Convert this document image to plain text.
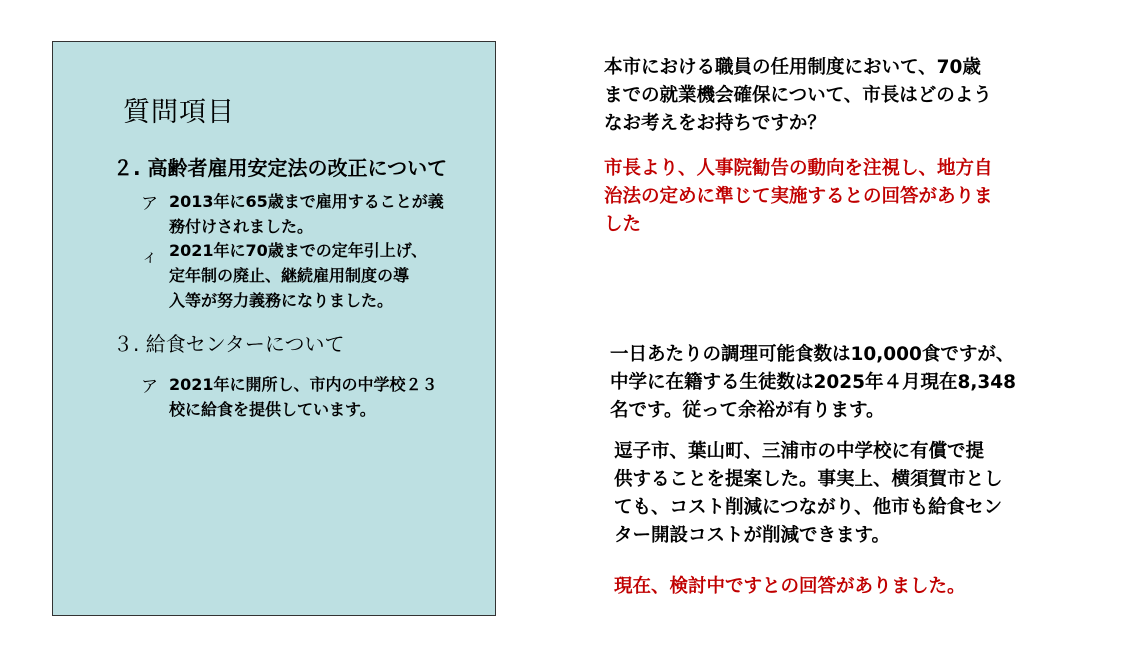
質問項目
２. 高齢者雇用安定法の改正について
ア 2013年に65歳まで雇用することが義
務付けされました。
ィ 2021年に70歳までの定年引上げ、
定年制の廃止、継続雇用制度の導
入等が努力義務になりました。
３. 給食センターについて
ア 2021年に開所し、市内の中学校２３
校に給食を提供しています。
本市における職員の任用制度において、70歳
までの就業機会確保について、市長はどのよう
なお考えをお持ちですか？
市長より、人事院勧告の動向を注視し、地方自
治法の定めに準じて実施するとの回答がありま
した
一日あたりの調理可能食数は10,000食ですが、
中学に在籍する生徒数は2025年４月現在8,348
名です。従って余裕が有ります。
逗子市、葉山町、三浦市の中学校に有償で提
供することを提案した。事実上、横須賀市とし
ても、コスト削減につながり、他市も給食セン
ター開設コストが削減できます。
現在、検討中ですとの回答がありました。
